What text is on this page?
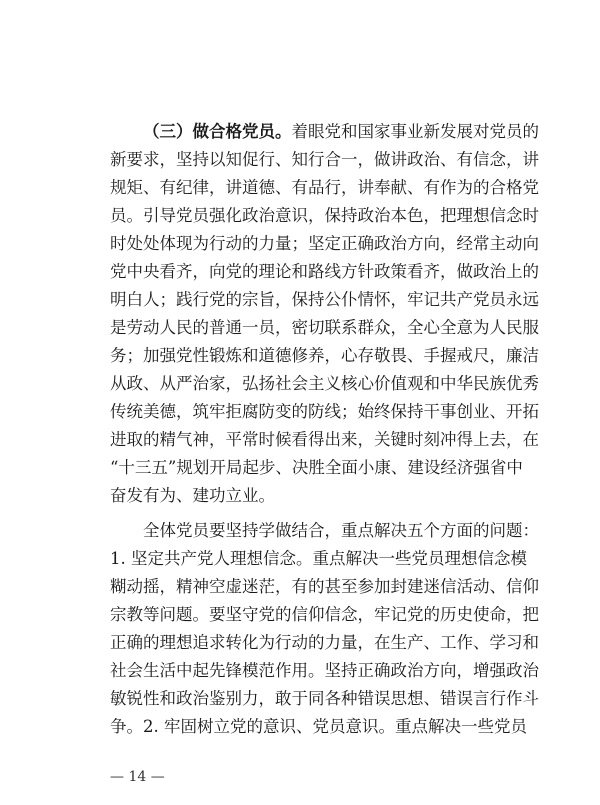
（三）做合格党员。着眼党和国家事业新发展对党员的
新要求，坚持以知促行、知行合一，做讲政治、有信念，讲
规矩、有纪律，讲道德、有品行，讲奉献、有作为的合格党
员。引导党员强化政治意识，保持政治本色，把理想信念时
时处处体现为行动的力量；坚定正确政治方向，经常主动向
党中央看齐，向党的理论和路线方针政策看齐，做政治上的
明白人；践行党的宗旨，保持公仆情怀，牢记共产党员永远
是劳动人民的普通一员，密切联系群众，全心全意为人民服
务；加强党性锻炼和道德修养，心存敬畏、手握戒尺，廉洁
从政、从严治家，弘扬社会主义核心价值观和中华民族优秀
传统美德，筑牢拒腐防变的防线；始终保持干事创业、开拓
进取的精气神，平常时候看得出来，关键时刻冲得上去，在
“十三五”规划开局起步、决胜全面小康、建设经济强省中
奋发有为、建功立业。
全体党员要坚持学做结合，重点解决五个方面的问题：
1. 坚定共产党人理想信念。重点解决一些党员理想信念模
糊动摇，精神空虚迷茫，有的甚至参加封建迷信活动、信仰
宗教等问题。要坚守党的信仰信念，牢记党的历史使命，把
正确的理想追求转化为行动的力量，在生产、工作、学习和
社会生活中起先锋模范作用。坚持正确政治方向，增强政治
敏锐性和政治鉴别力，敢于同各种错误思想、错误言行作斗
争。2. 牢固树立党的意识、党员意识。重点解决一些党员
— 14 —
